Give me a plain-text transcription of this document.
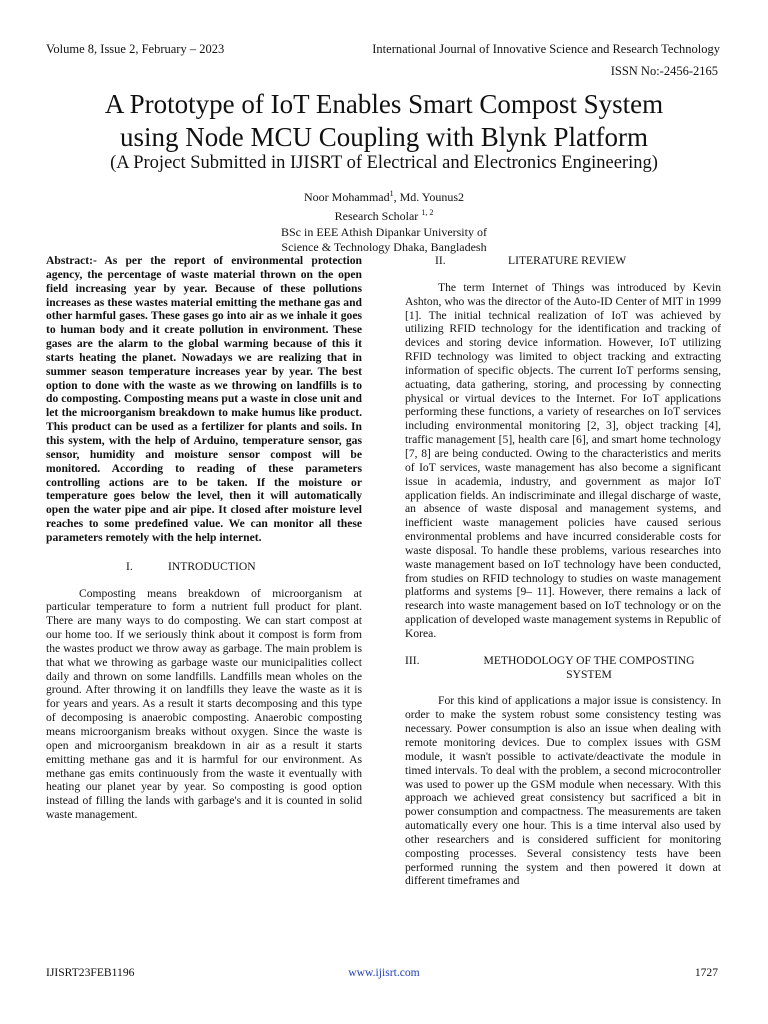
Volume 8, Issue 2, February – 2023	International Journal of Innovative Science and Research Technology
ISSN No:-2456-2165
A Prototype of IoT Enables Smart Compost System
using Node MCU Coupling with Blynk Platform
(A Project Submitted in IJISRT of Electrical and Electronics Engineering)
Noor Mohammad$^1$, Md. Younus2
Research Scholar $^{1, 2}$
BSc in EEE Athish Dipankar University of
Science & Technology Dhaka, Bangladesh

Abstract:- As per the report of environmental protection agency, the percentage of waste material thrown on the open field increasing year by year. Because of these pollutions increases as these wastes material emitting the methane gas and other harmful gases. These gases go into air as we inhale it goes to human body and it create pollution in environment. These gases are the alarm to the global warming because of this it starts heating the planet. Nowadays we are realizing that in summer season temperature increases year by year. The best option to done with the waste as we throwing on landfills is to do composting. Composting means put a waste in close unit and let the microorganism breakdown to make humus like product. This product can be used as a fertilizer for plants and soils. In this system, with the help of Arduino, temperature sensor, gas sensor, humidity and moisture sensor compost will be monitored. According to reading of these parameters controlling actions are to be taken. If the moisture or temperature goes below the level, then it will automatically open the water pipe and air pipe. It closed after moisture level reaches to some predefined value. We can monitor all these parameters remotely with the help internet.

I.	INTRODUCTION

Composting means breakdown of microorganism at particular temperature to form a nutrient full product for plant. There are many ways to do composting. We can start compost at our home too. If we seriously think about it compost is form from the wastes product we throw away as garbage. The main problem is that what we throwing as garbage waste our municipalities collect daily and thrown on some landfills. Landfills mean wholes on the ground. After throwing it on landfills they leave the waste as it is for years and years. As a result it starts decomposing and this type of decomposing is anaerobic composting. Anaerobic composting means microorganism breaks without oxygen. Since the waste is open and microorganism breakdown in air as a result it starts emitting methane gas and it is harmful for our environment. As methane gas emits continuously from the waste it eventually with heating our planet year by year. So composting is good option instead of filling the lands with garbage's and it is counted in solid waste management.

II.	LITERATURE REVIEW

The term Internet of Things was introduced by Kevin Ashton, who was the director of the Auto-ID Center of MIT in 1999 [1]. The initial technical realization of IoT was achieved by utilizing RFID technology for the identification and tracking of devices and storing device information. However, IoT utilizing RFID technology was limited to object tracking and extracting information of specific objects. The current IoT performs sensing, actuating, data gathering, storing, and processing by connecting physical or virtual devices to the Internet. For IoT applications performing these functions, a variety of researches on IoT services including environmental monitoring [2, 3], object tracking [4], traffic management [5], health care [6], and smart home technology [7, 8] are being conducted. Owing to the characteristics and merits of IoT services, waste management has also become a significant issue in academia, industry, and government as major IoT application fields. An indiscriminate and illegal discharge of waste, an absence of waste disposal and management systems, and inefficient waste management policies have caused serious environmental problems and have incurred considerable costs for waste disposal. To handle these problems, various researches into waste management based on IoT technology have been conducted, from studies on RFID technology to studies on waste management platforms and systems [9– 11]. However, there remains a lack of research into waste management based on IoT technology or on the application of developed waste management systems in Republic of Korea.

III.	METHODOLOGY OF THE COMPOSTING
SYSTEM

For this kind of applications a major issue is consistency. In order to make the system robust some consistency testing was necessary. Power consumption is also an issue when dealing with remote monitoring devices. Due to complex issues with GSM module, it wasn't possible to activate/deactivate the module in timed intervals. To deal with the problem, a second microcontroller was used to power up the GSM module when necessary. With this approach we achieved great consistency but sacrificed a bit in power consumption and compactness. The measurements are taken automatically every one hour. This is a time interval also used by other researchers and is considered sufficient for monitoring composting processes. Several consistency tests have been performed running the system and then powered it down at different timeframes and

IJISRT23FEB1196	www.ijisrt.com	1727
